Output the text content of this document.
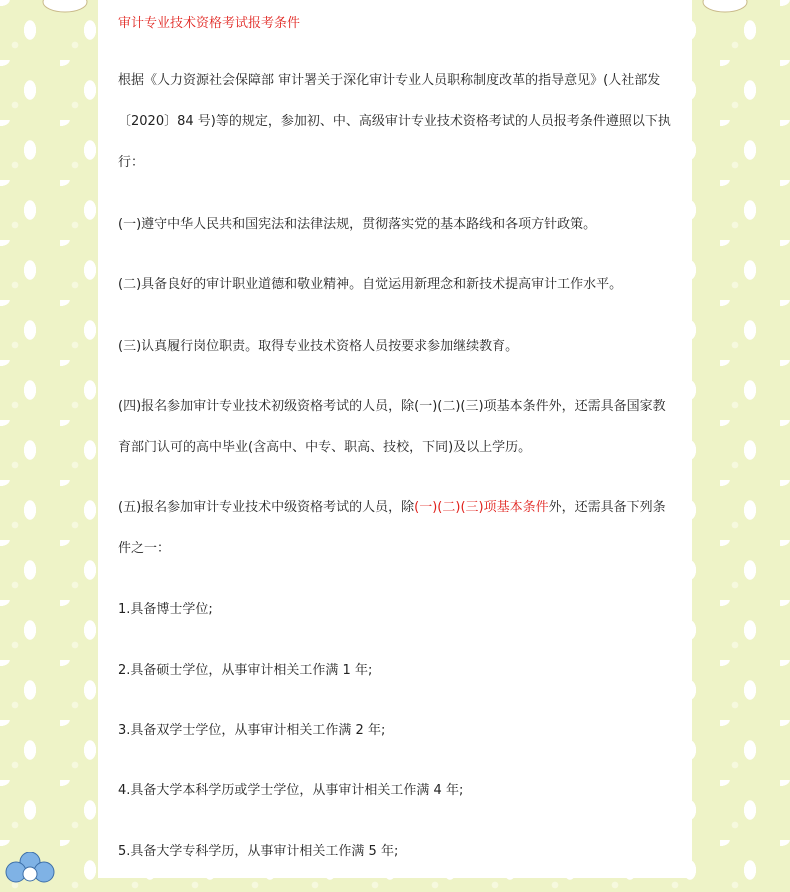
审计专业技术资格考试报考条件

根据《人力资源社会保障部 审计署关于深化审计专业人员职称制度改革的指导意见》(人社部发〔2020〕84 号)等的规定，参加初、中、高级审计专业技术资格考试的人员报考条件遵照以下执行：

(一)遵守中华人民共和国宪法和法律法规，贯彻落实党的基本路线和各项方针政策。

(二)具备良好的审计职业道德和敬业精神。自觉运用新理念和新技术提高审计工作水平。

(三)认真履行岗位职责。取得专业技术资格人员按要求参加继续教育。

(四)报名参加审计专业技术初级资格考试的人员，除(一)(二)(三)项基本条件外，还需具备国家教育部门认可的高中毕业(含高中、中专、职高、技校，下同)及以上学历。

(五)报名参加审计专业技术中级资格考试的人员，除(一)(二)(三)项基本条件外，还需具备下列条件之一：

1.具备博士学位;

2.具备硕士学位，从事审计相关工作满 1 年;

3.具备双学士学位，从事审计相关工作满 2 年;

4.具备大学本科学历或学士学位，从事审计相关工作满 4 年;

5.具备大学专科学历，从事审计相关工作满 5 年;
